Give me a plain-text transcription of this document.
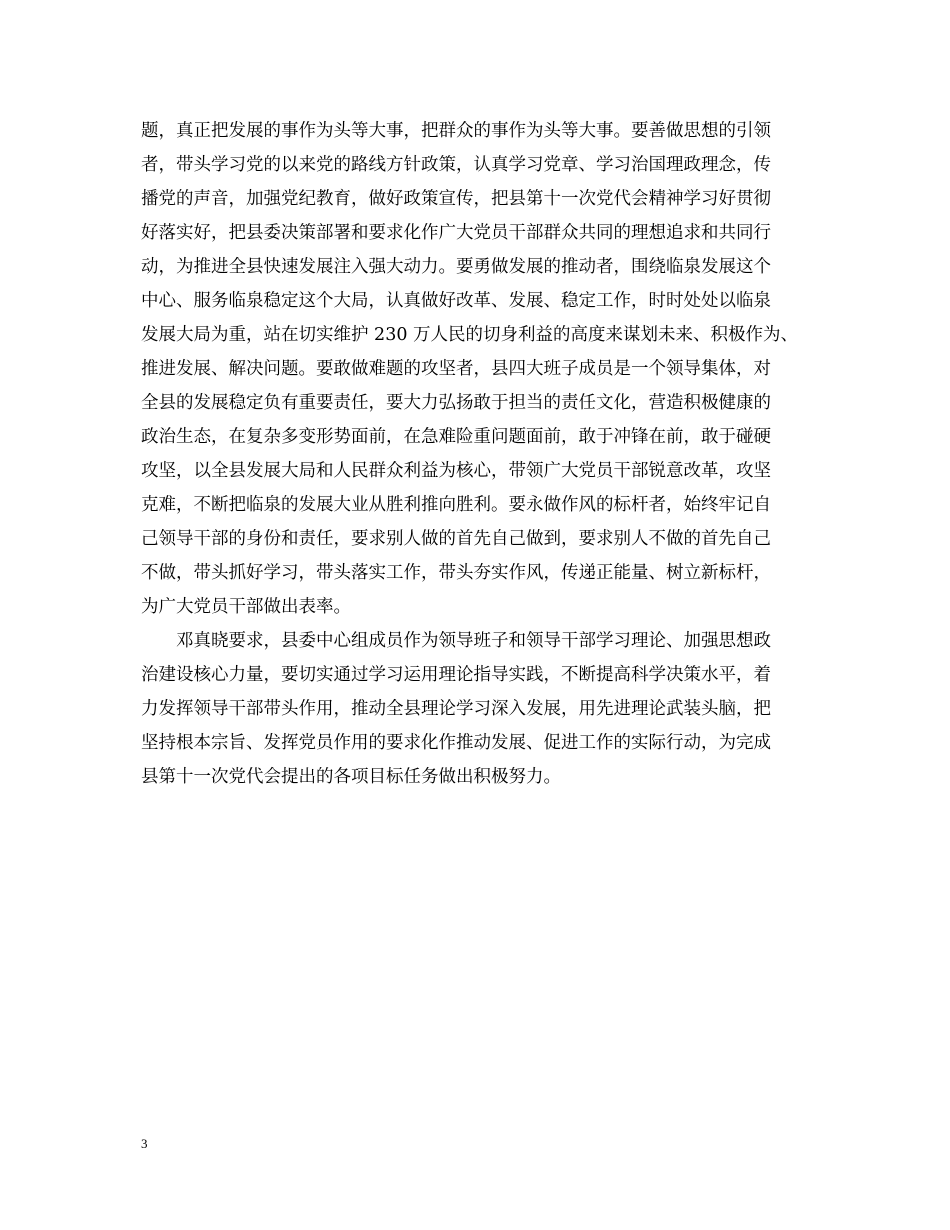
题，真正把发展的事作为头等大事，把群众的事作为头等大事。要善做思想的引领
者，带头学习党的以来党的路线方针政策，认真学习党章、学习治国理政理念，传
播党的声音，加强党纪教育，做好政策宣传，把县第十一次党代会精神学习好贯彻
好落实好，把县委决策部署和要求化作广大党员干部群众共同的理想追求和共同行
动，为推进全县快速发展注入强大动力。要勇做发展的推动者，围绕临泉发展这个
中心、服务临泉稳定这个大局，认真做好改革、发展、稳定工作，时时处处以临泉
发展大局为重，站在切实维护 230 万人民的切身利益的高度来谋划未来、积极作为、
推进发展、解决问题。要敢做难题的攻坚者，县四大班子成员是一个领导集体，对
全县的发展稳定负有重要责任，要大力弘扬敢于担当的责任文化，营造积极健康的
政治生态，在复杂多变形势面前，在急难险重问题面前，敢于冲锋在前，敢于碰硬
攻坚，以全县发展大局和人民群众利益为核心，带领广大党员干部锐意改革，攻坚
克难，不断把临泉的发展大业从胜利推向胜利。要永做作风的标杆者，始终牢记自
己领导干部的身份和责任，要求别人做的首先自己做到，要求别人不做的首先自己
不做，带头抓好学习，带头落实工作，带头夯实作风，传递正能量、树立新标杆，
为广大党员干部做出表率。
　　邓真晓要求，县委中心组成员作为领导班子和领导干部学习理论、加强思想政
治建设核心力量，要切实通过学习运用理论指导实践，不断提高科学决策水平，着
力发挥领导干部带头作用，推动全县理论学习深入发展，用先进理论武装头脑，把
坚持根本宗旨、发挥党员作用的要求化作推动发展、促进工作的实际行动，为完成
县第十一次党代会提出的各项目标任务做出积极努力。
3
